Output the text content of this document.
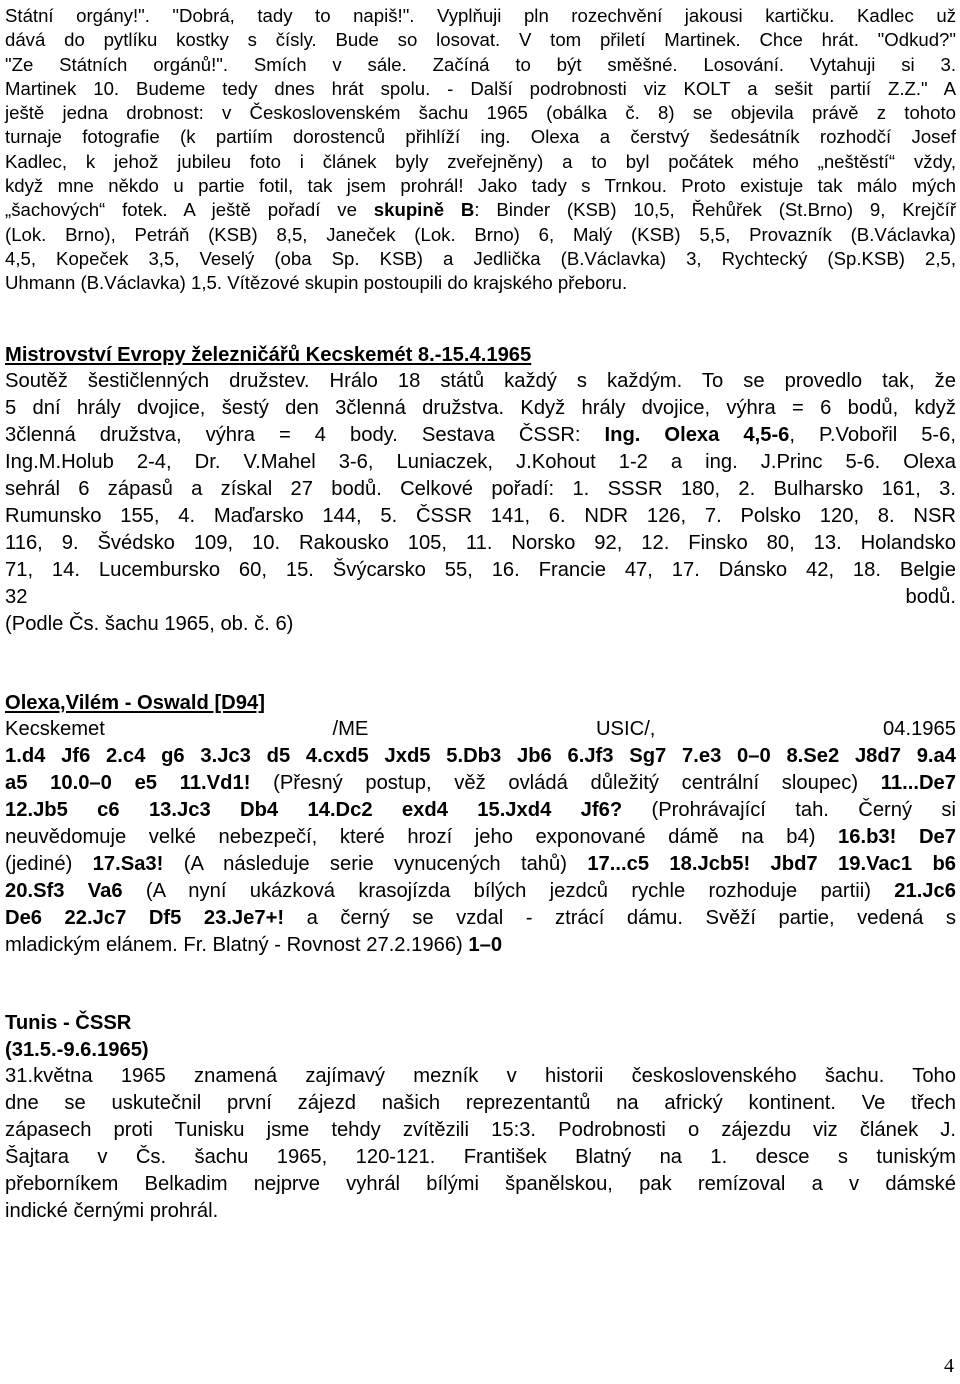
Státní orgány!". "Dobrá, tady to napiš!". Vyplňuji pln rozechvění jakousi kartičku. Kadlec už
dává do pytlíku kostky s čísly. Bude so losovat. V tom přiletí Martinek. Chce hrát. "Odkud?"
"Ze Státních orgánů!". Smích v sále. Začíná to být směšné. Losování. Vytahuji si 3.
Martinek 10. Budeme tedy dnes hrát spolu. - Další podrobnosti viz KOLT a sešit partií Z.Z." A
ještě jedna drobnost: v Československém šachu 1965 (obálka č. 8) se objevila právě z tohoto
turnaje fotografie (k partiím dorostenců přihlíží ing. Olexa a čerstvý šedesátník rozhodčí Josef
Kadlec, k jehož jubileu foto i článek byly zveřejněny) a to byl počátek mého „neštěstí“ vždy,
když mne někdo u partie fotil, tak jsem prohrál! Jako tady s Trnkou. Proto existuje tak málo mých
„šachových“ fotek. A ještě pořadí ve skupině B: Binder (KSB) 10,5, Řehůřek (St.Brno) 9, Krejčíř
(Lok. Brno), Petráň (KSB) 8,5, Janeček (Lok. Brno) 6, Malý (KSB) 5,5, Provazník (B.Václavka)
4,5, Kopeček 3,5, Veselý (oba Sp. KSB) a Jedlička (B.Václavka) 3, Rychtecký (Sp.KSB) 2,5,
Uhmann (B.Václavka) 1,5. Vítězové skupin postoupili do krajského přeboru.
Mistrovství Evropy železničářů Kecskemét 8.-15.4.1965
Soutěž šestičlenných družstev. Hrálo 18 států každý s každým. To se provedlo tak, že
5 dní hrály dvojice, šestý den 3členná družstva. Když hrály dvojice, výhra = 6 bodů, když
3členná družstva, výhra = 4 body. Sestava ČSSR: Ing. Olexa 4,5-6, P.Vobořil 5-6,
Ing.M.Holub 2-4, Dr. V.Mahel 3-6, Luniaczek, J.Kohout 1-2 a ing. J.Princ 5-6. Olexa
sehrál 6 zápasů a získal 27 bodů. Celkové pořadí: 1. SSSR 180, 2. Bulharsko 161, 3.
Rumunsko 155, 4. Maďarsko 144, 5. ČSSR 141, 6. NDR 126, 7. Polsko 120, 8. NSR
116, 9. Švédsko 109, 10. Rakousko 105, 11. Norsko 92, 12. Finsko 80, 13. Holandsko
71, 14. Lucembursko 60, 15. Švýcarsko 55, 16. Francie 47, 17. Dánsko 42, 18. Belgie
32 bodů.
(Podle Čs. šachu 1965, ob. č. 6)
Olexa,Vilém - Oswald [D94]
Kecskemet /ME USIC/, 04.1965
1.d4 Jf6 2.c4 g6 3.Jc3 d5 4.cxd5 Jxd5 5.Db3 Jb6 6.Jf3 Sg7 7.e3 0–0 8.Se2 J8d7 9.a4
a5 10.0–0 e5 11.Vd1! (Přesný postup, věž ovládá důležitý centrální sloupec) 11...De7
12.Jb5 c6 13.Jc3 Db4 14.Dc2 exd4 15.Jxd4 Jf6? (Prohrávající tah. Černý si
neuvědomuje velké nebezpečí, které hrozí jeho exponované dámě na b4) 16.b3! De7
(jediné) 17.Sa3! (A následuje serie vynucených tahů) 17...c5 18.Jcb5! Jbd7 19.Vac1 b6
20.Sf3 Va6 (A nyní ukázková krasojízda bílých jezdců rychle rozhoduje partii) 21.Jc6
De6 22.Jc7 Df5 23.Je7+! a černý se vzdal - ztrácí dámu. Svěží partie, vedená s
mladickým elánem. Fr. Blatný - Rovnost 27.2.1966) 1–0
Tunis - ČSSR
(31.5.-9.6.1965)
31.května 1965 znamená zajímavý mezník v historii československého šachu. Toho
dne se uskutečnil první zájezd našich reprezentantů na africký kontinent. Ve třech
zápasech proti Tunisku jsme tehdy zvítězili 15:3. Podrobnosti o zájezdu viz článek J.
Šajtara v Čs. šachu 1965, 120-121. František Blatný na 1. desce s tuniským
přeborníkem Belkadim nejprve vyhrál bílými španělskou, pak remízoval a v dámské
indické černými prohrál.
4
